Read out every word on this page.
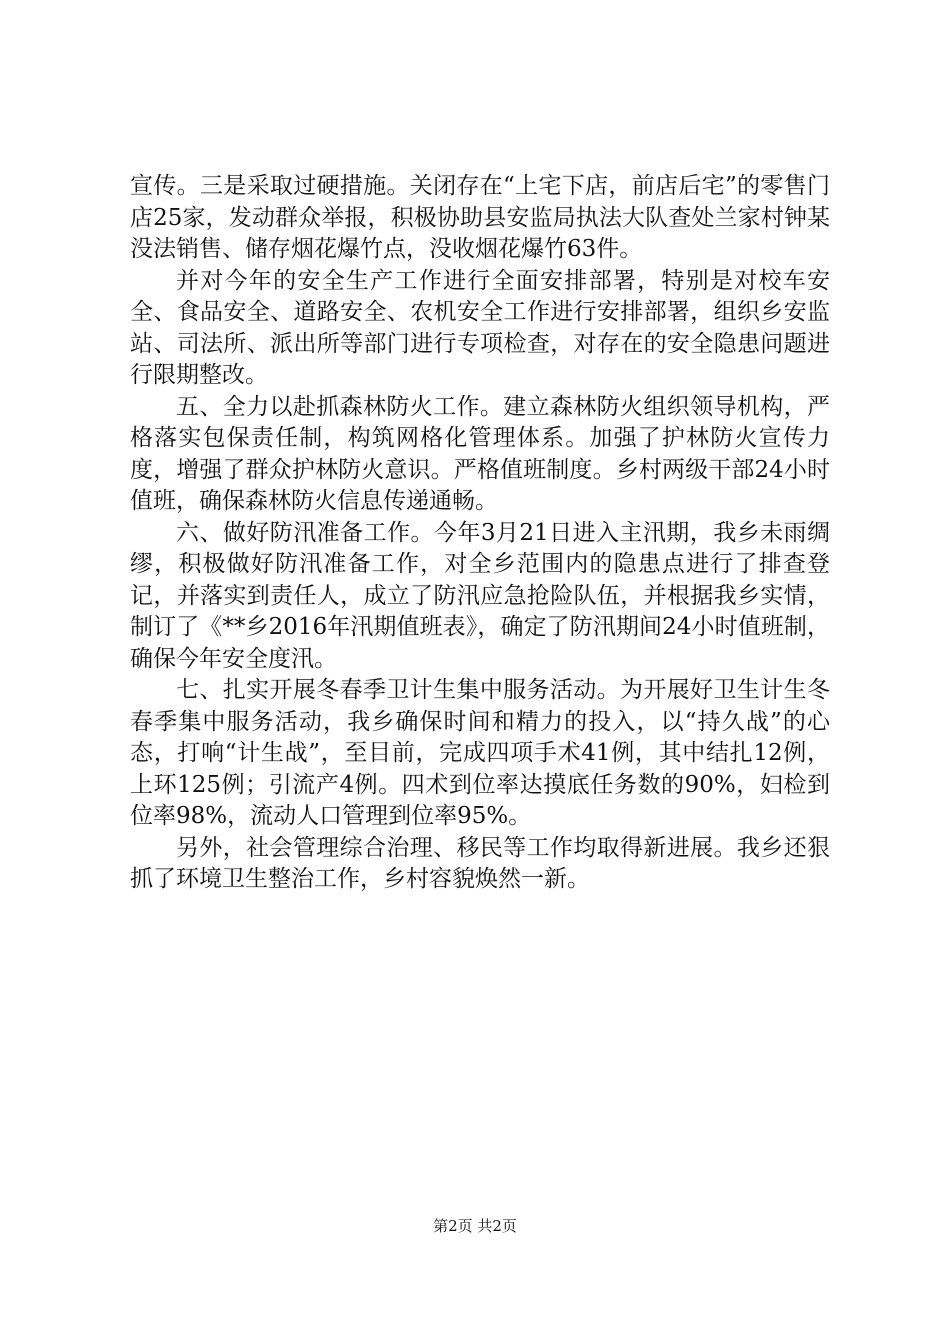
宣传。三是采取过硬措施。关闭存在“上宅下店，前店后宅”的零售门店25家，发动群众举报，积极协助县安监局执法大队查处兰家村钟某没法销售、储存烟花爆竹点，没收烟花爆竹63件。

并对今年的安全生产工作进行全面安排部署，特别是对校车安全、食品安全、道路安全、农机安全工作进行安排部署，组织乡安监站、司法所、派出所等部门进行专项检查，对存在的安全隐患问题进行限期整改。

五、全力以赴抓森林防火工作。建立森林防火组织领导机构，严格落实包保责任制，构筑网格化管理体系。加强了护林防火宣传力度，增强了群众护林防火意识。严格值班制度。乡村两级干部24小时值班，确保森林防火信息传递通畅。

六、做好防汛准备工作。今年3月21日进入主汛期，我乡未雨绸缪，积极做好防汛准备工作，对全乡范围内的隐患点进行了排查登记，并落实到责任人，成立了防汛应急抢险队伍，并根据我乡实情，制订了《**乡2016年汛期值班表》，确定了防汛期间24小时值班制，确保今年安全度汛。

七、扎实开展冬春季卫计生集中服务活动。为开展好卫生计生冬春季集中服务活动，我乡确保时间和精力的投入，以“持久战”的心态，打响“计生战”，至目前，完成四项手术41例，其中结扎12例，上环125例；引流产4例。四术到位率达摸底任务数的90%，妇检到位率98%，流动人口管理到位率95%。

另外，社会管理综合治理、移民等工作均取得新进展。我乡还狠抓了环境卫生整治工作，乡村容貌焕然一新。

第2页 共2页
